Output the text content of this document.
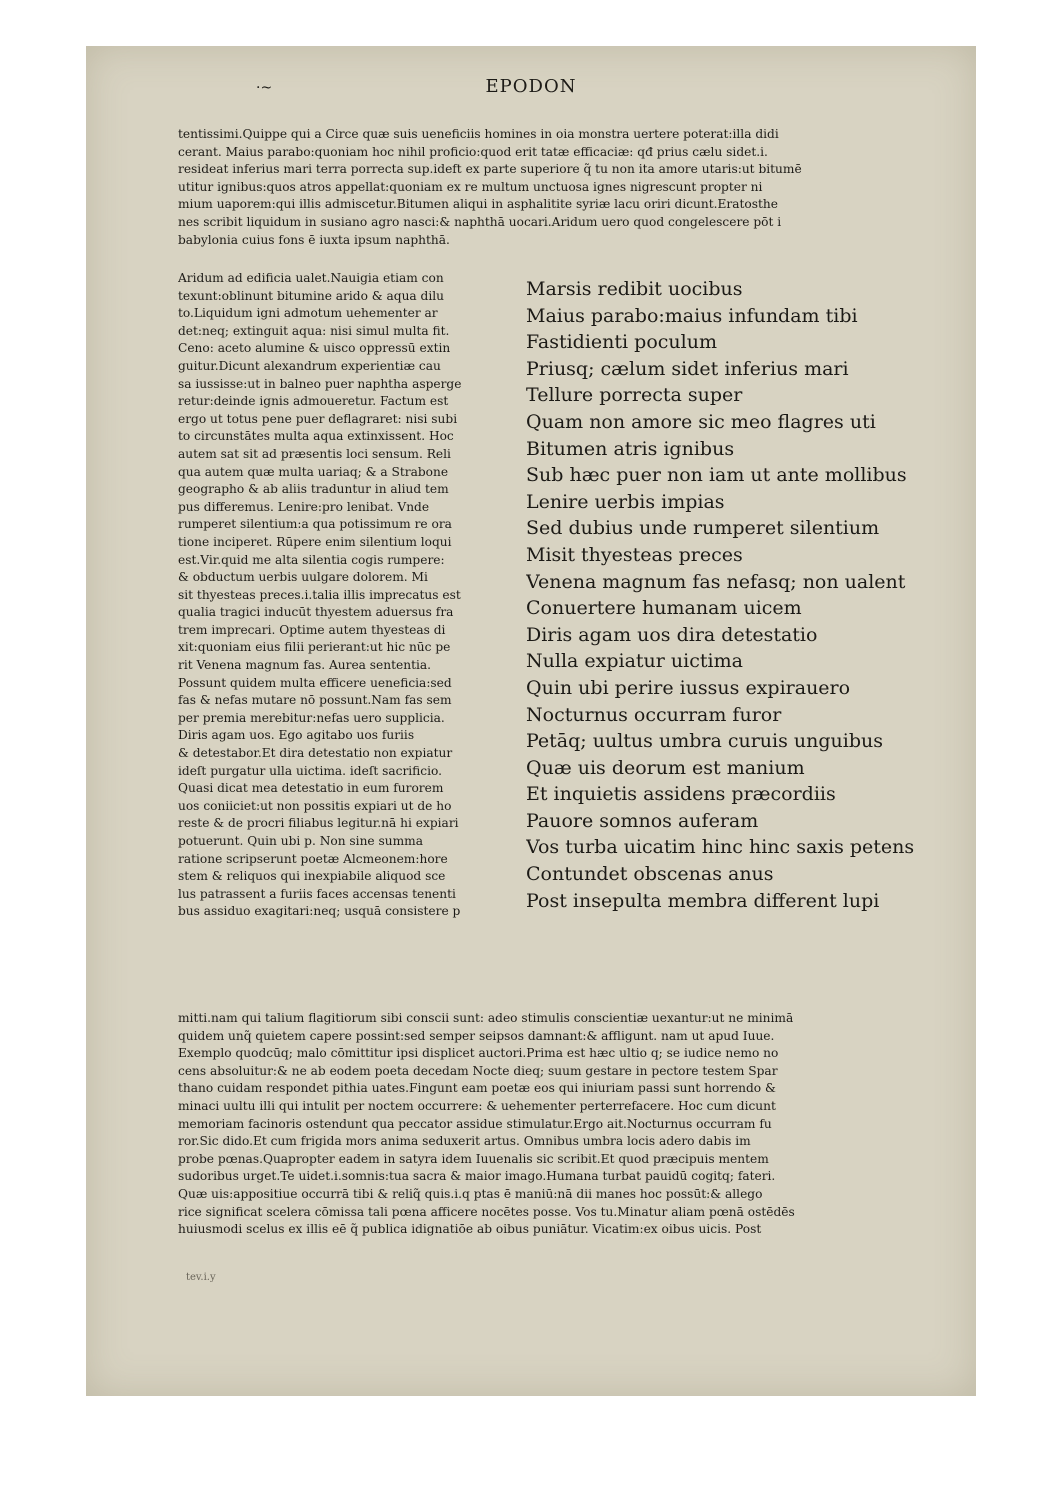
·~	EPODON
tentissimi.Quippe qui a Circe quæ suis ueneficiis homines in oia monstra uertere poterat:illa didi
cerant. Maius parabo:quoniam hoc nihil proficio:quod erit tatæ efficaciæ: qđ prius cælu sidet.i.
resideat inferius mari terra porrecta sup.ideft ex parte superiore q̃ tu non ita amore utaris:ut bitumē
utitur ignibus:quos atros appellat:quoniam ex re multum unctuosa ignes nigrescunt propter ni
mium uaporem:qui illis admiscetur.Bitumen aliqui in asphalitite syriæ lacu oriri dicunt.Eratosthe
nes scribit liquidum in susiano agro nasci:& naphthā uocari.Aridum uero quod congelescere pōt i
babylonia cuius fons ē iuxta ipsum naphthā.
Aridum ad edificia ualet.Nauigia etiam con
texunt:oblinunt bitumine arido & aqua dilu
to.Liquidum igni admotum uehementer ar
det:neq; extinguit aqua: nisi simul multa fit.
Ceno: aceto alumine & uisco oppressū extin
guitur.Dicunt alexandrum experientiæ cau
sa iussisse:ut in balneo puer naphtha asperge
retur:deinde ignis admoueretur. Factum est
ergo ut totus pene puer deflagraret: nisi subi
to circunstātes multa aqua extinxissent. Hoc
autem sat sit ad præsentis loci sensum. Reli
qua autem quæ multa uariaq; & a Strabone
geographo & ab aliis traduntur in aliud tem
pus differemus. Lenire:pro lenibat. Vnde
rumperet silentium:a qua potissimum re ora
tione inciperet. Rūpere enim silentium loqui
est.Vir.quid me alta silentia cogis rumpere:
& obductum uerbis uulgare dolorem. Mi
sit thyesteas preces.i.talia illis imprecatus est
qualia tragici inducūt thyestem aduersus fra
trem imprecari. Optime autem thyesteas di
xit:quoniam eius filii perierant:ut hic nūc pe
rit Venena magnum fas. Aurea sententia.
Possunt quidem multa efficere ueneficia:sed
fas & nefas mutare nō possunt.Nam fas sem
per premia merebitur:nefas uero supplicia.
Diris agam uos. Ego agitabo uos furiis
& detestabor.Et dira detestatio non expiatur
ideſt purgatur ulla uictima. ideſt sacrificio.
Quasi dicat mea detestatio in eum furorem
uos coniiciet:ut non possitis expiari ut de ho
reste & de procri filiabus legitur.nā hi expiari
potuerunt. Quin ubi p. Non sine summa
ratione scripserunt poetæ Alcmeonem:hore
stem & reliquos qui inexpiabile aliquod sce
lus patrassent a furiis faces accensas tenenti
bus assiduo exagitari:neq; usquā consistere p
Marsis redibit uocibus
Maius parabo:maius infundam tibi
Fastidienti poculum
Priusq; cælum sidet inferius mari
Tellure porrecta super
Quam non amore sic meo flagres uti
Bitumen atris ignibus
Sub hæc puer non iam ut ante mollibus
Lenire uerbis impias
Sed dubius unde rumperet silentium
Misit thyesteas preces
Venena magnum fas nefasq; non ualent
Conuertere humanam uicem
Diris agam uos dira detestatio
Nulla expiatur uictima
Quin ubi perire iussus expirauero
Nocturnus occurram furor
Petāq; uultus umbra curuis unguibus
Quæ uis deorum est manium
Et inquietis assidens præcordiis
Pauore somnos auferam
Vos turba uicatim hinc hinc saxis petens
Contundet obscenas anus
Post insepulta membra different lupi
mitti.nam qui talium flagitiorum sibi conscii sunt: adeo stimulis conscientiæ uexantur:ut ne minimā
quidem unq̃ quietem capere possint:sed semper seipsos damnant:& affligunt. nam ut apud Iuue.
Exemplo quodcūq; malo cōmittitur ipsi displicet auctori.Prima est hæc ultio q; se iudice nemo no
cens absoluitur:& ne ab eodem poeta decedam Nocte dieq; suum gestare in pectore testem Spar
thano cuidam respondet pithia uates.Fingunt eam poetæ eos qui iniuriam passi sunt horrendo &
minaci uultu illi qui intulit per noctem occurrere: & uehementer perterrefacere. Hoc cum dicunt
memoriam facinoris ostendunt qua peccator assidue stimulatur.Ergo ait.Nocturnus occurram fu
ror.Sic dido.Et cum frigida mors anima seduxerit artus. Omnibus umbra locis adero dabis im
probe pœnas.Quapropter eadem in satyra idem Iuuenalis sic scribit.Et quod præcipuis mentem
sudoribus urget.Te uidet.i.somnis:tua sacra & maior imago.Humana turbat pauidū cogitq; fateri.
Quæ uis:appositiue occurrā tibi & reliq̃ quis.i.q ptas ē maniū:nā dii manes hoc possūt:& allego
rice significat scelera cōmissa tali pœna afficere nocētes posse. Vos tu.Minatur aliam pœnā ostēdēs
huiusmodi scelus ex illis eē q̃ publica idignatiōe ab oibus puniātur. Vicatim:ex oibus uicis. Post
tev.i.y
